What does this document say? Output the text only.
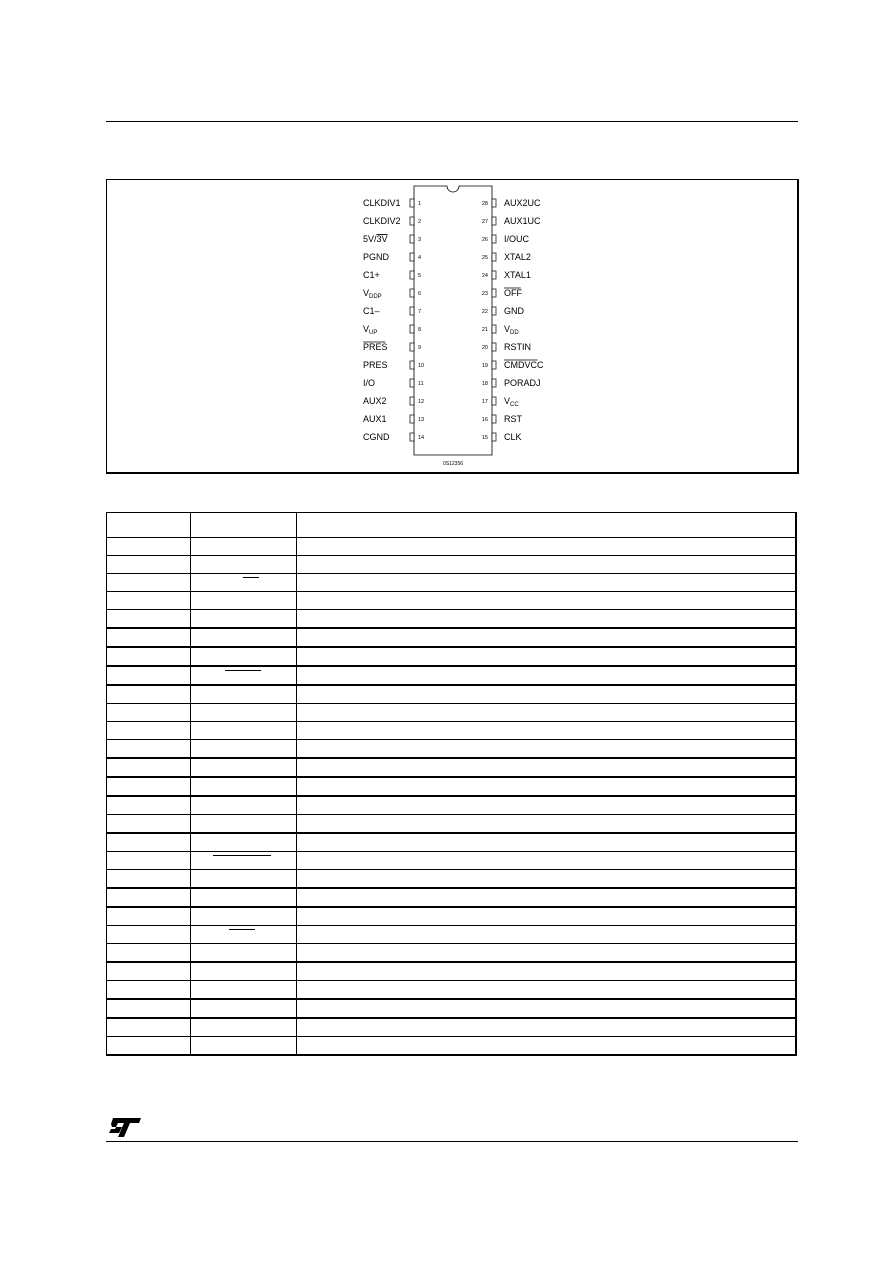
1
CLKDIV1
2
CLKDIV2
3
5V/3V
4
PGND
5
C1+
6
$V_{DDP}$
7
C1–
8
$V_{UP}$
9
PRES
10
PRES
11
I/O
12
AUX2
13
AUX1
14
CGND
28 AUX2UC
27 AUX1UC
26 I/OUC
25 XTAL2
24 XTAL1
23 OFF
22 GND
21 $V_{DD}$
20 RSTIN
19 CMDVCC
18 PORADJ
17 $V_{CC}$
16 RST
15 CLK
0S12356
